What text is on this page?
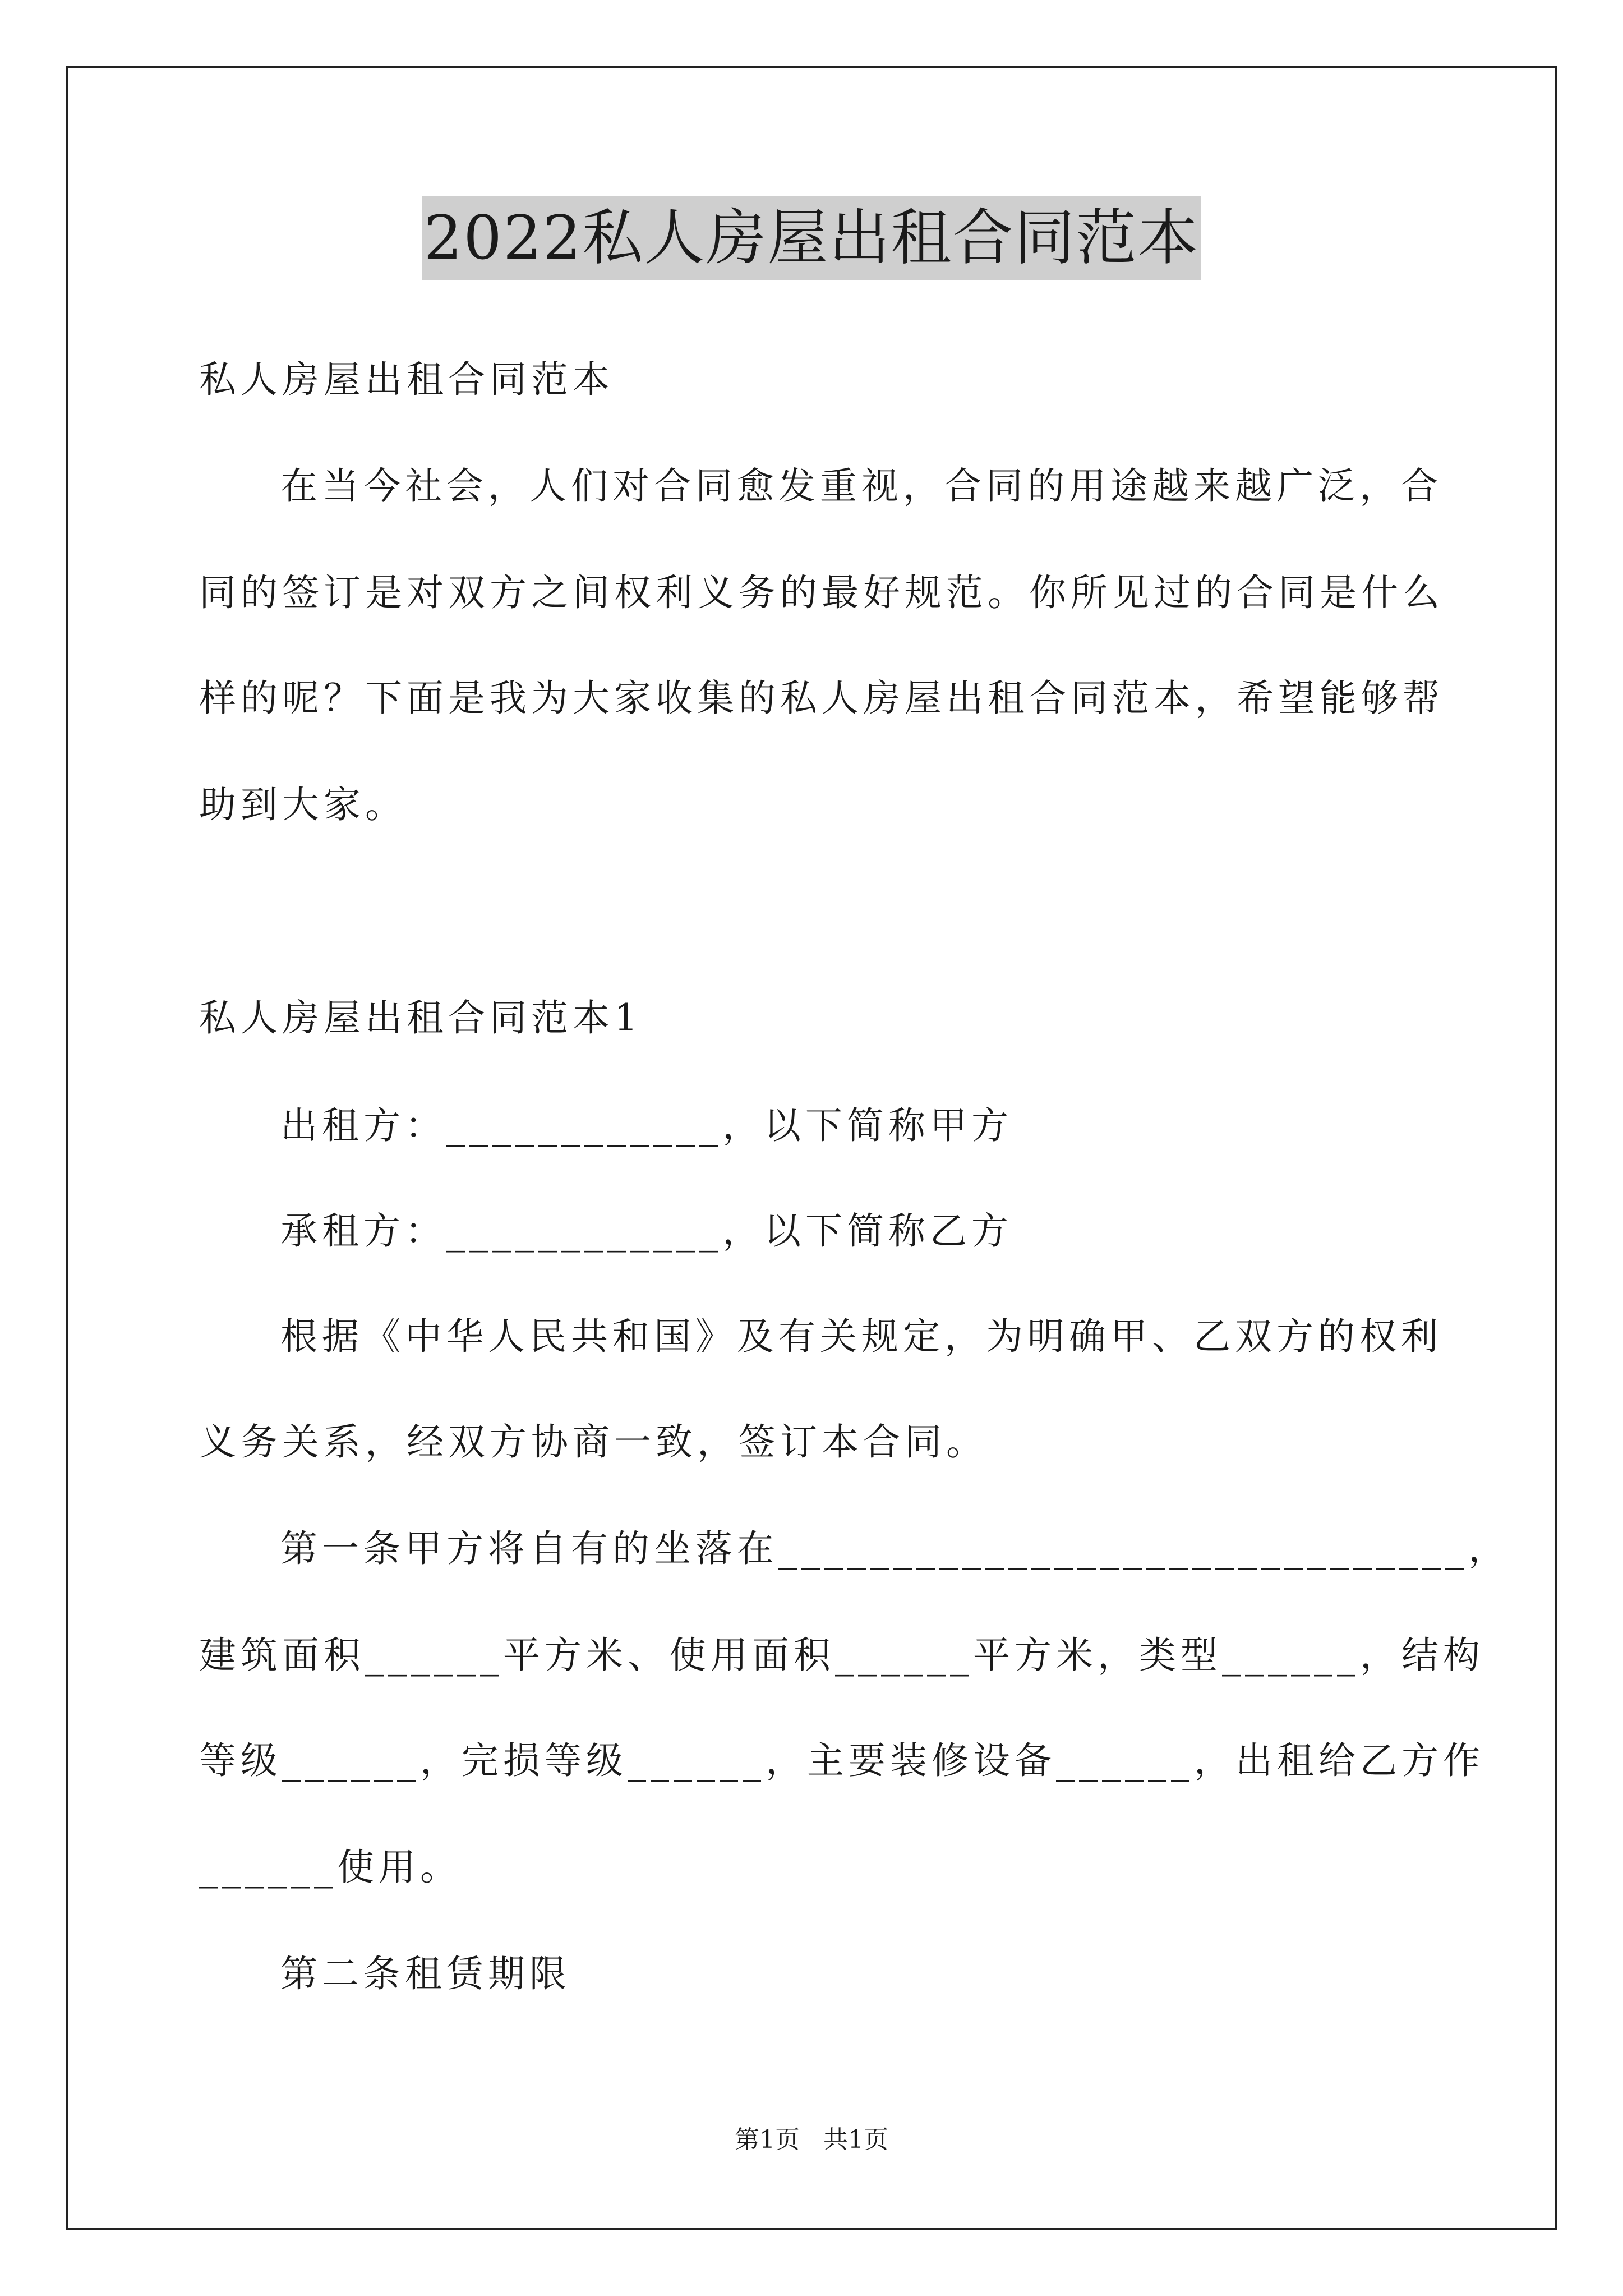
2022私人房屋出租合同范本
私人房屋出租合同范本
在当今社会，人们对合同愈发重视，合同的用途越来越广泛，合
同的签订是对双方之间权利义务的最好规范。你所见过的合同是什么
样的呢？下面是我为大家收集的私人房屋出租合同范本，希望能够帮
助到大家。
私人房屋出租合同范本1
出租方：____________，以下简称甲方
承租方：____________，以下简称乙方
根据《中华人民共和国》及有关规定，为明确甲、乙双方的权利
义务关系，经双方协商一致，签订本合同。
第一条甲方将自有的坐落在______________________________，
建筑面积______平方米、使用面积______平方米，类型______，结构
等级______，完损等级______，主要装修设备______，出租给乙方作
______使用。
第二条租赁期限
第1页   共1页
